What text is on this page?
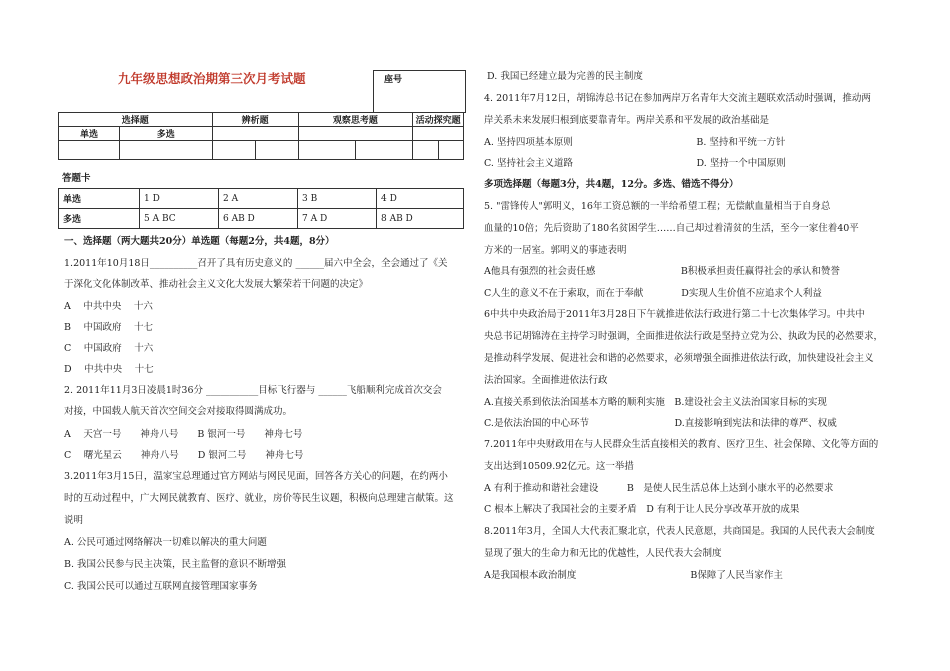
九年级思想政治期第三次月考试题	座号
选择题		辨析题		观察思考题		活动探究题	
单选	多选						

答题卡
单选	1 D	2 A	3 B	4 D
多选	5 A BC	6 AB D	7 A D	8 AB D
一、选择题（两大题共20分）单选题（每题2分，共4题，8分）
1.2011年10月18日__________召开了具有历史意义的 ______届六中全会，全会通过了《关
于深化文化体制改革、推动社会主义文化大发展大繁荣若干问题的决定》
A　 中共中央　 十六
B　 中国政府　 十七
C　 中国政府　 十六
D　 中共中央　 十七
2. 2011年11月3日凌晨1时36分 ___________目标飞行器与 ______飞船顺利完成首次交会
对接，中国载人航天首次空间交会对接取得圆满成功。
A　 天宫一号　　神舟八号　　B 银河一号　　神舟七号
C　 曙光星云　　神舟八号　　D 银河二号　　神舟七号
3.2011年3月15日，温家宝总理通过官方网站与网民见面，回答各方关心的问题，在约两小
时的互动过程中，广大网民就教育、医疗、就业，房价等民生议题，积极向总理建言献策。这
说明
A. 公民可通过网络解决一切难以解决的重大问题
B. 我国公民参与民主决策，民主监督的意识不断增强
C. 我国公民可以通过互联网直接管理国家事务
D. 我国已经建立最为完善的民主制度
4. 2011年7月12日，胡锦涛总书记在参加两岸万名青年大交流主题联欢活动时强调，推动两
岸关系未来发展归根到底要靠青年。两岸关系和平发展的政治基础是
A. 坚持四项基本原则　　　　　　　　　　　　　B. 坚持和平统一方针
C. 坚持社会主义道路　　　　　　　　　　　　　D. 坚持一个中国原则
多项选择题（每题3分，共4题，12分。多选、错选不得分）
5. "雷锋传人"郭明义，16年工资总额的一半给希望工程；无偿献血量相当于自身总
血量的10倍；先后资助了180名贫困学生……自己却过着清贫的生活，至今一家住着40平
方米的一居室。郭明义的事迹表明
A他具有强烈的社会责任感　　　　　　　　　B积极承担责任赢得社会的承认和赞誉
C人生的意义不在于索取，而在于奉献　　　　D实现人生价值不应追求个人利益
6中共中央政治局于2011年3月28日下午就推进依法行政进行第二十七次集体学习。中共中
央总书记胡锦涛在主持学习时强调，全面推进依法行政是坚持立党为公、执政为民的必然要求，
是推动科学发展、促进社会和谐的必然要求，必须增强全面推进依法行政，加快建设社会主义
法治国家。全面推进依法行政
A.直接关系到依法治国基本方略的顺利实施　B.建设社会主义法治国家目标的实现
C.是依法治国的中心环节　　　　　　　　　D.直接影响到宪法和法律的尊严、权威
7.2011年中央财政用在与人民群众生活直接相关的教育、医疗卫生、社会保障、文化等方面的
支出达到10509.92亿元。这一举措
A 有利于推动和谐社会建设　　　B　是使人民生活总体上达到小康水平的必然要求
C 根本上解决了我国社会的主要矛盾　D 有利于让人民分享改革开放的成果
8.2011年3月，全国人大代表汇聚北京，代表人民意愿，共商国是。我国的人民代表大会制度
显现了强大的生命力和无比的优越性，人民代表大会制度
A是我国根本政治制度　　　　　　　　　　　　B保障了人民当家作主
